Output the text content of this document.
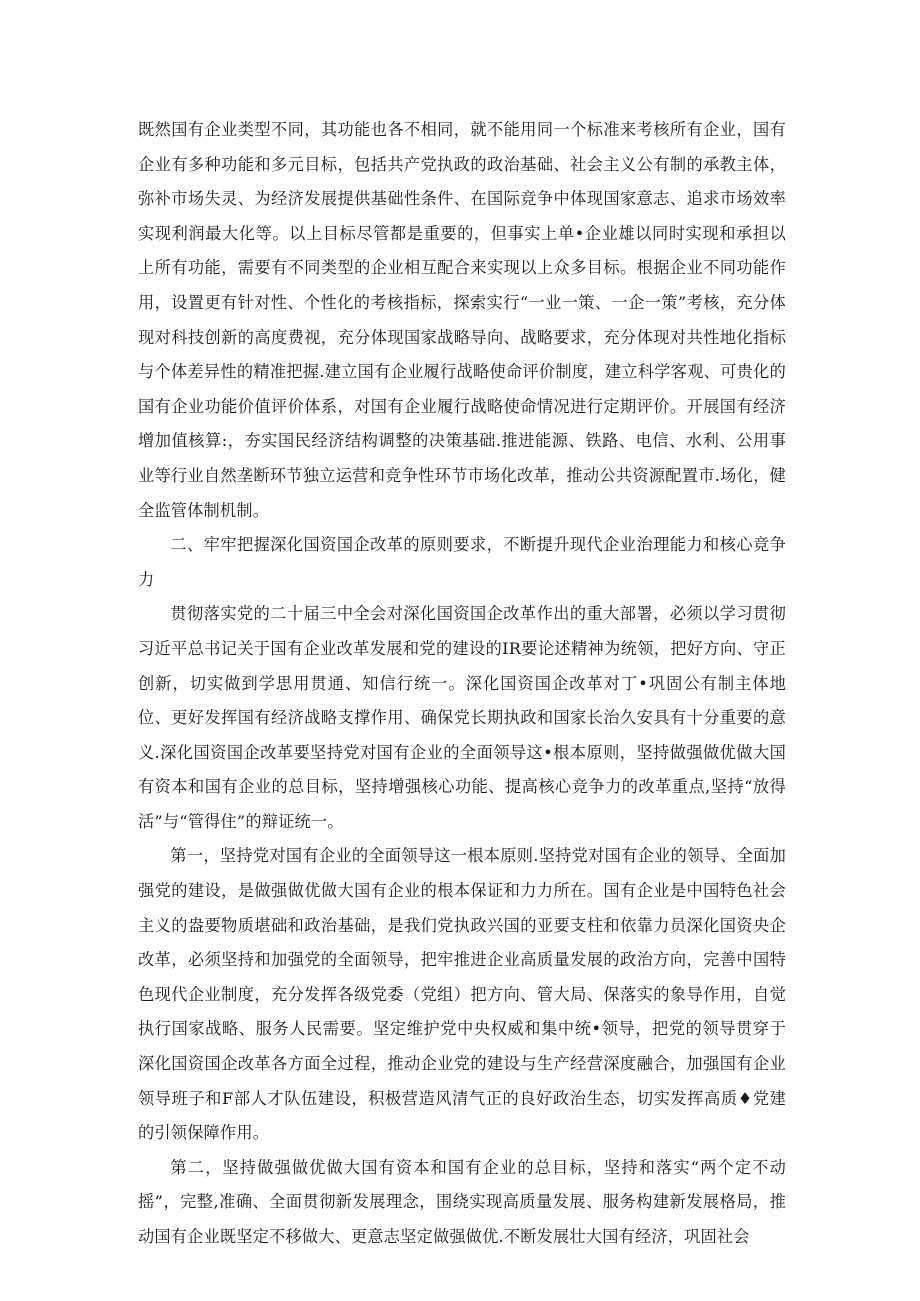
既然国有企业类型不同，其功能也各不相同，就不能用同一个标准来考核所有企业，国有企业有多种功能和多元目标，包括共产党执政的政治基础、社会主义公有制的承教主体，弥补市场失灵、为经济发展提供基础性条件、在国际竞争中体现国家意志、追求市场效率实现利润最大化等。以上目标尽管都是重要的，但事实上单•企业雄以同时实现和承担以上所有功能，需要有不同类型的企业相互配合来实现以上众多目标。根据企业不同功能作用，设置更有针对性、个性化的考核指标，探索实行“一业一策、一企一策”考核，充分体现对科技创新的高度费视，充分体现国家战略导向、战略要求，充分体现对共性地化指标与个体差异性的精准把握.建立国有企业履行战略使命评价制度，建立科学客观、可贵化的国有企业功能价值评价体系，对国有企业履行战略使命情况进行定期评价。开展国有经济增加值核算:，夯实国民经济结构调整的决策基础.推进能源、铁路、电信、水利、公用事业等行业自然垄断环节独立运营和竞争性环节市场化改革，推动公共资源配置市.场化，健全监管体制机制。

二、牢牢把握深化国资国企改革的原则要求，不断提升现代企业治理能力和核心竞争力

贯彻落实党的二十届三中全会对深化国资国企改革作出的重大部署，必须以学习贯彻习近平总书记关于国有企业改革发展和党的建设的IR要论述精神为统领，把好方向、守正创新，切实做到学思用贯通、知信行统一。深化国资国企改革对丁•巩固公有制主体地位、更好发挥国有经济战略支撑作用、确保党长期执政和国家长治久安具有十分重要的意义.深化国资国企改革要坚持党对国有企业的全面领导这•根本原则，坚持做强做优做大国有资本和国有企业的总目标，坚持增强核心功能、提高核心竞争力的改革重点,坚持“放得活”与“管得住”的辩证统一。

第一，坚持党对国有企业的全面领导这一根本原则.坚持党对国有企业的领导、全面加强党的建设，是做强做优做大国有企业的根本保证和力力所在。国有企业是中国特色社会主义的盎要物质堪础和政治基础，是我们党执政兴国的亚要支柱和依靠力员深化国资央企改革，必须坚持和加强党的全面领导，把牢推进企业高质量发展的政治方向，完善中国特色现代企业制度，充分发挥各级党委（党组）把方向、管大局、保落实的象导作用，自觉执行国家战略、服务人民需要。坚定维护党中央权威和集中统•领导，把党的领导贯穿于深化国资国企改革各方面全过程，推动企业党的建设与生产经营深度融合，加强国有企业领导班子和F部人才队伍建设，积极营造风清气正的良好政治生态，切实发挥高质♦党建的引领保障作用。

第二，坚持做强做优做大国有资本和国有企业的总目标，坚持和落实“两个定不动摇”，完整,准确、全面贯彻新发展理念，围绕实现高质量发展、服务构建新发展格局，推动国有企业既坚定不移做大、更意志坚定做强做优.不断发展壮大国有经济，巩固社会
